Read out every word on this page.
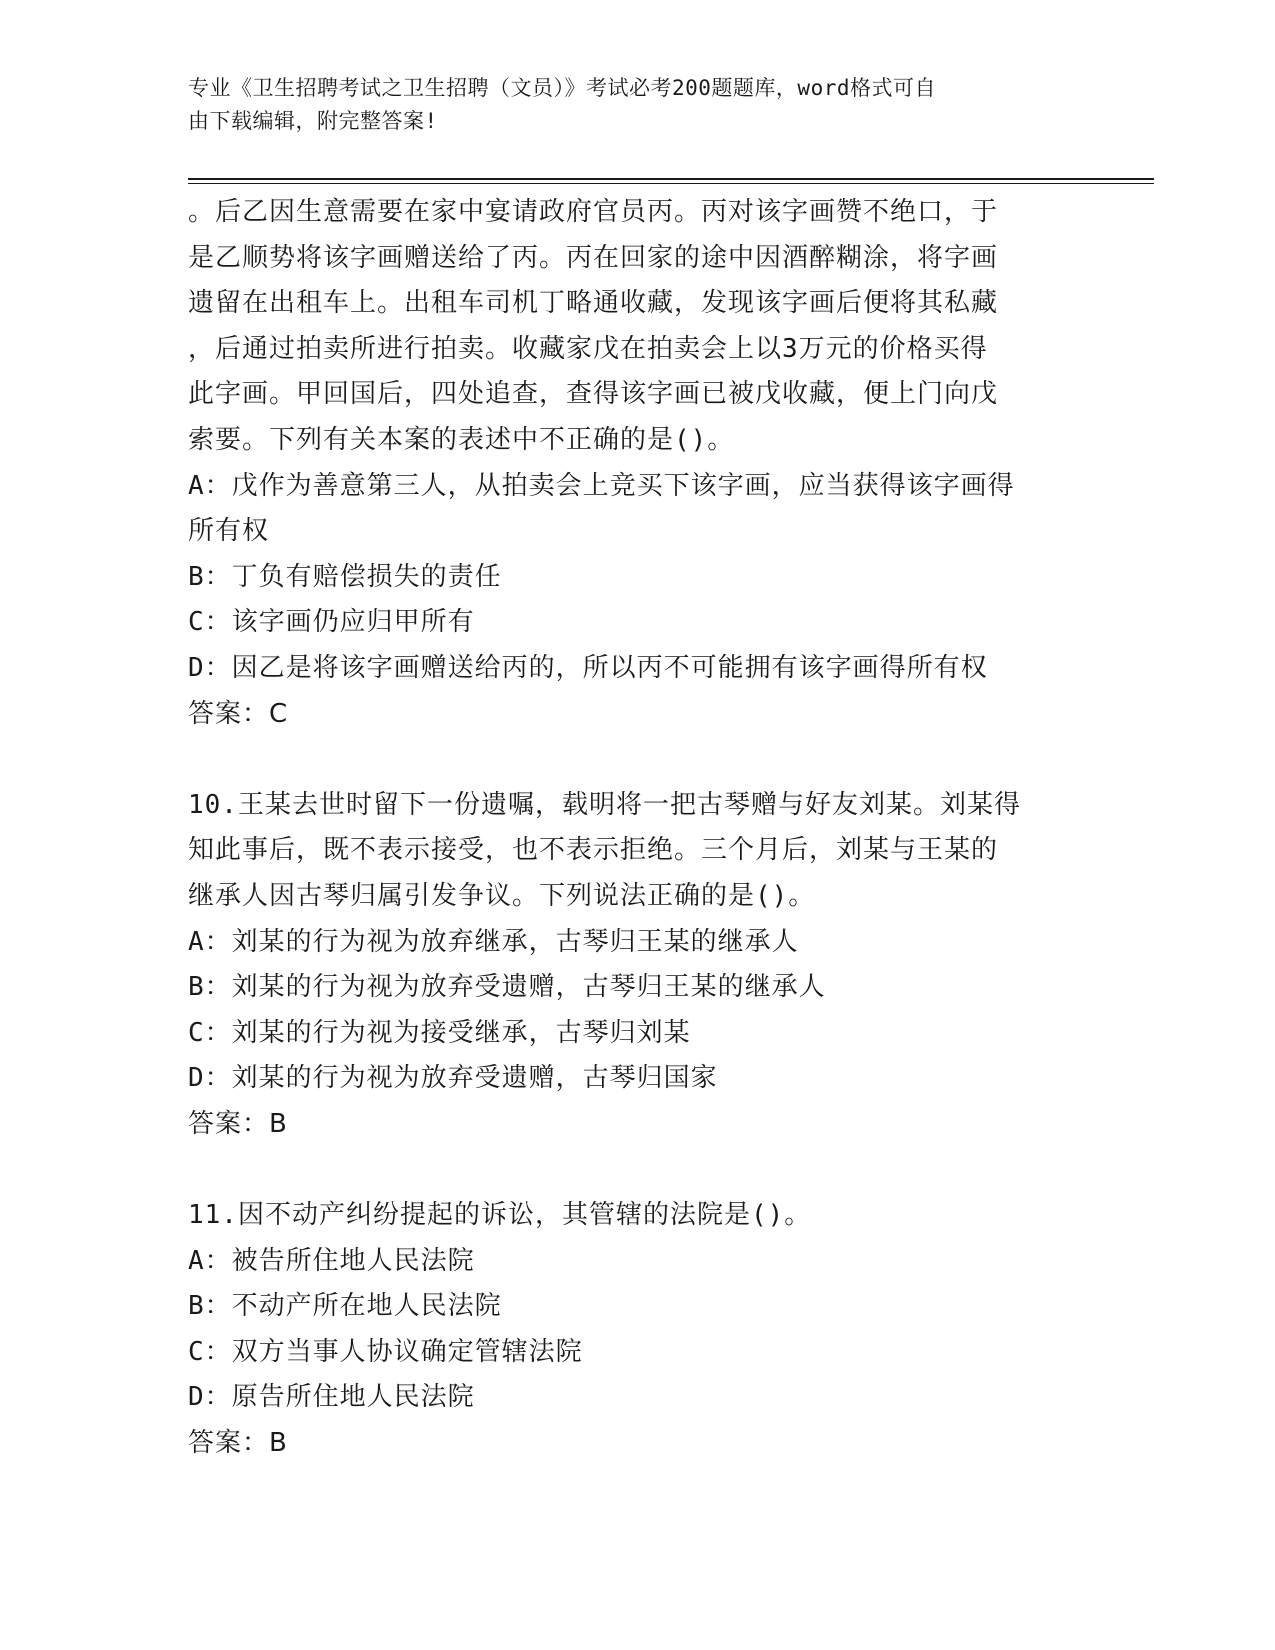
专业《卫生招聘考试之卫生招聘（文员）》考试必考200题题库，word格式可自
由下载编辑，附完整答案!
。后乙因生意需要在家中宴请政府官员丙。丙对该字画赞不绝口，于
是乙顺势将该字画赠送给了丙。丙在回家的途中因酒醉糊涂，将字画
遗留在出租车上。出租车司机丁略通收藏，发现该字画后便将其私藏
，后通过拍卖所进行拍卖。收藏家戊在拍卖会上以3万元的价格买得
此字画。甲回国后，四处追查，查得该字画已被戊收藏，便上门向戊
索要。下列有关本案的表述中不正确的是()。
A：戊作为善意第三人，从拍卖会上竞买下该字画，应当获得该字画得
所有权
B：丁负有赔偿损失的责任
C：该字画仍应归甲所有
D：因乙是将该字画赠送给丙的，所以丙不可能拥有该字画得所有权
答案：C
10.王某去世时留下一份遗嘱，载明将一把古琴赠与好友刘某。刘某得
知此事后，既不表示接受，也不表示拒绝。三个月后，刘某与王某的
继承人因古琴归属引发争议。下列说法正确的是()。
A：刘某的行为视为放弃继承，古琴归王某的继承人
B：刘某的行为视为放弃受遗赠，古琴归王某的继承人
C：刘某的行为视为接受继承，古琴归刘某
D：刘某的行为视为放弃受遗赠，古琴归国家
答案：B
11.因不动产纠纷提起的诉讼，其管辖的法院是()。
A：被告所住地人民法院
B：不动产所在地人民法院
C：双方当事人协议确定管辖法院
D：原告所住地人民法院
答案：B
